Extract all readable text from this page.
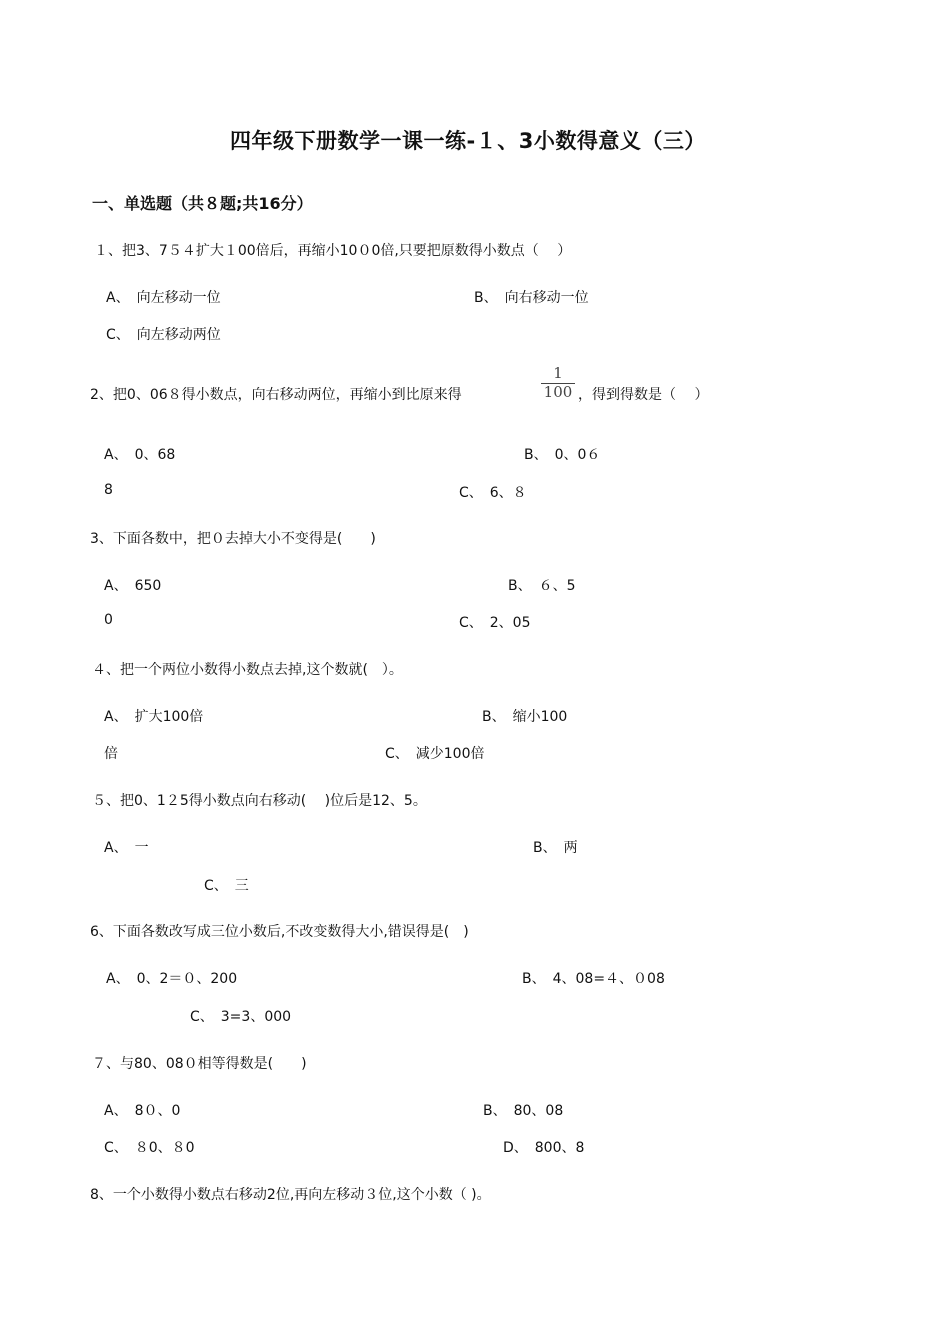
四年级下册数学一课一练-１、3小数得意义（三）
一、单选题（共８题;共16分）
１、把3、7５４扩大１00倍后，再缩小10０0倍,只要把原数得小数点（　 ）
A、　向左移动一位	B、　向右移动一位
C、　向左移动两位
2、把0、06８得小数点，向右移动两位，再缩小到比原来得
1
100 ，得到得数是（　 ）
A、　0、68	B、　0、0６
8	C、　6、８
3、下面各数中，把０去掉大小不变得是(　　)
A、　650	B、　６、5
0	C、　2、05
４、把一个两位小数得小数点去掉,这个数就(　）。
A、　扩大100倍	B、　缩小100
倍	C、　减少100倍
５、把0、1２5得小数点向右移动(　 )位后是12、5。
A、　一	B、　两
C、　三
6、下面各数改写成三位小数后,不改变数得大小,错误得是(　)
A、　0、2＝０、200	B、　4、08=４、０08
C、　3=3、000
７、与80、08０相等得数是(　　)
A、　8０、0	B、　80、08
C、　８0、８0	D、　800、8
8、一个小数得小数点右移动2位,再向左移动３位,这个小数（ )。
